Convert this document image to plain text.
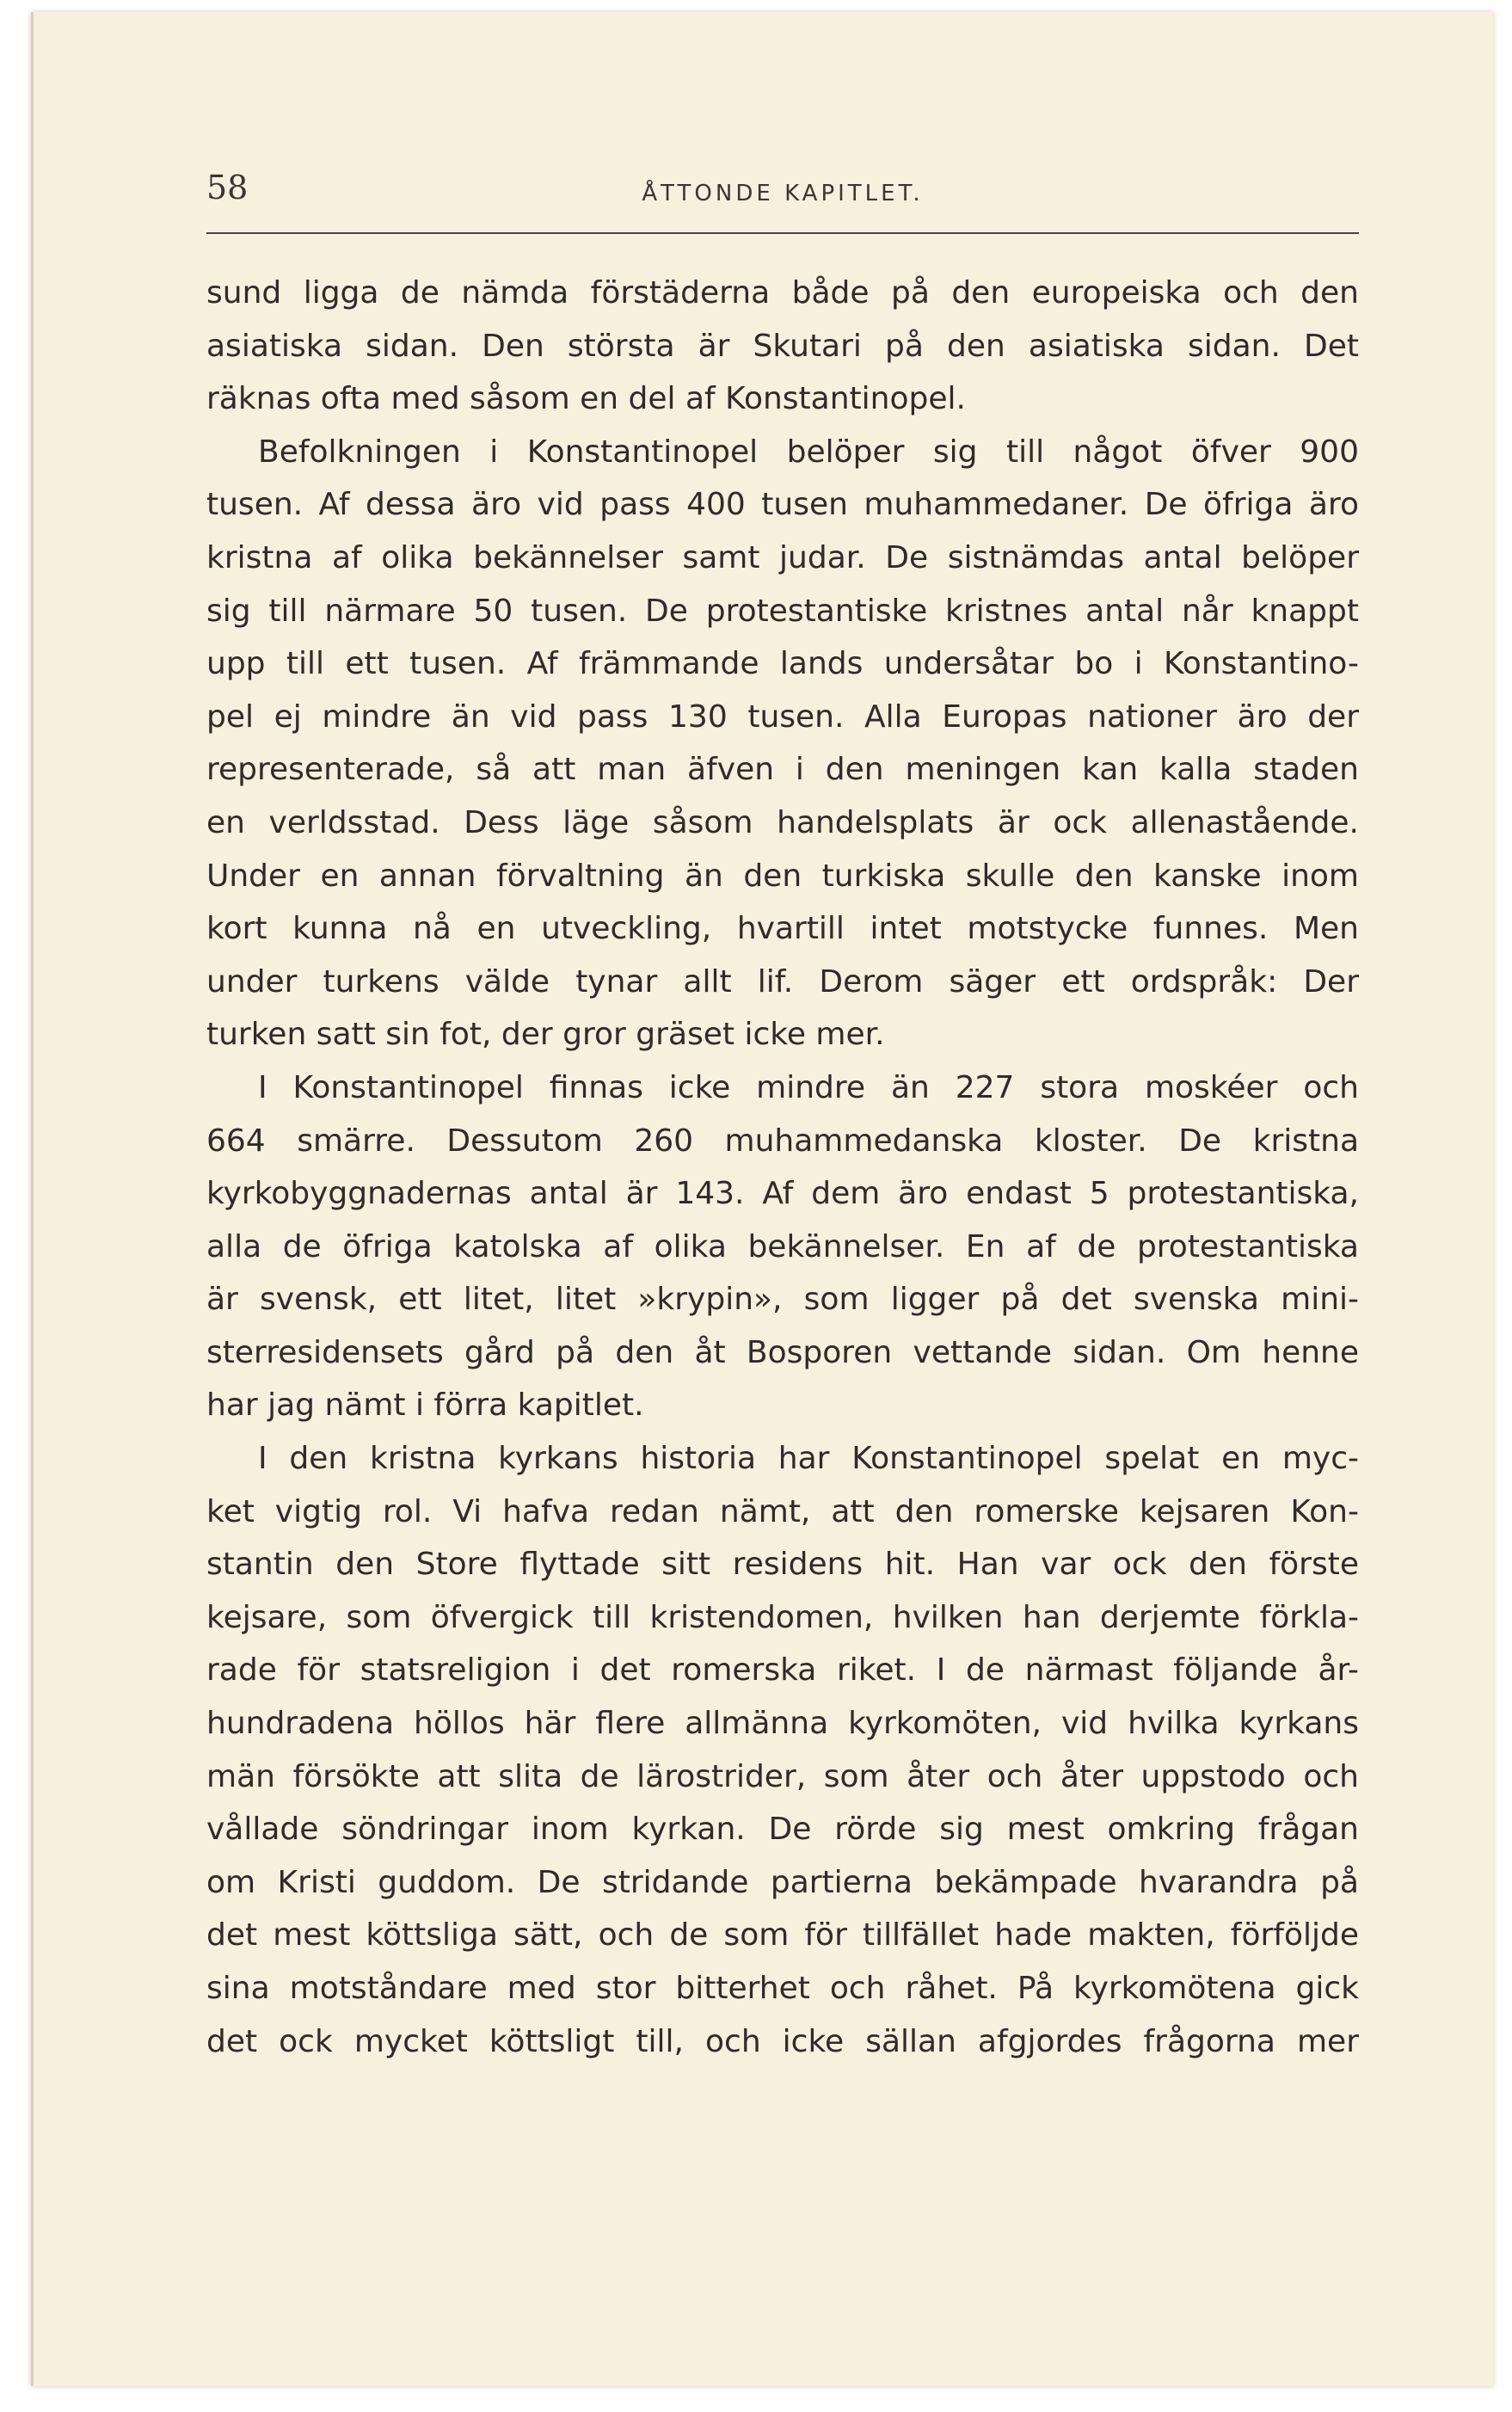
58	ÅTTONDE KAPITLET.
sund ligga de nämda förstäderna både på den europeiska och den
asiatiska sidan. Den största är Skutari på den asiatiska sidan. Det
räknas ofta med såsom en del af Konstantinopel.
Befolkningen i Konstantinopel belöper sig till något öfver 900
tusen. Af dessa äro vid pass 400 tusen muhammedaner. De öfriga äro
kristna af olika bekännelser samt judar. De sistnämdas antal belöper
sig till närmare 50 tusen. De protestantiske kristnes antal når knappt
upp till ett tusen. Af främmande lands undersåtar bo i Konstantino-
pel ej mindre än vid pass 130 tusen. Alla Europas nationer äro der
representerade, så att man äfven i den meningen kan kalla staden
en verldsstad. Dess läge såsom handelsplats är ock allenastående.
Under en annan förvaltning än den turkiska skulle den kanske inom
kort kunna nå en utveckling, hvartill intet motstycke funnes. Men
under turkens välde tynar allt lif. Derom säger ett ordspråk: Der
turken satt sin fot, der gror gräset icke mer.
I Konstantinopel finnas icke mindre än 227 stora moskéer och
664 smärre. Dessutom 260 muhammedanska kloster. De kristna
kyrkobyggnadernas antal är 143. Af dem äro endast 5 protestantiska,
alla de öfriga katolska af olika bekännelser. En af de protestantiska
är svensk, ett litet, litet »krypin», som ligger på det svenska mini-
sterresidensets gård på den åt Bosporen vettande sidan. Om henne
har jag nämt i förra kapitlet.
I den kristna kyrkans historia har Konstantinopel spelat en myc-
ket vigtig rol. Vi hafva redan nämt, att den romerske kejsaren Kon-
stantin den Store flyttade sitt residens hit. Han var ock den förste
kejsare, som öfvergick till kristendomen, hvilken han derjemte förkla-
rade för statsreligion i det romerska riket. I de närmast följande år-
hundradena höllos här flere allmänna kyrkomöten, vid hvilka kyrkans
män försökte att slita de lärostrider, som åter och åter uppstodo och
vållade söndringar inom kyrkan. De rörde sig mest omkring frågan
om Kristi guddom. De stridande partierna bekämpade hvarandra på
det mest köttsliga sätt, och de som för tillfället hade makten, förföljde
sina motståndare med stor bitterhet och råhet. På kyrkomötena gick
det ock mycket köttsligt till, och icke sällan afgjordes frågorna mer
